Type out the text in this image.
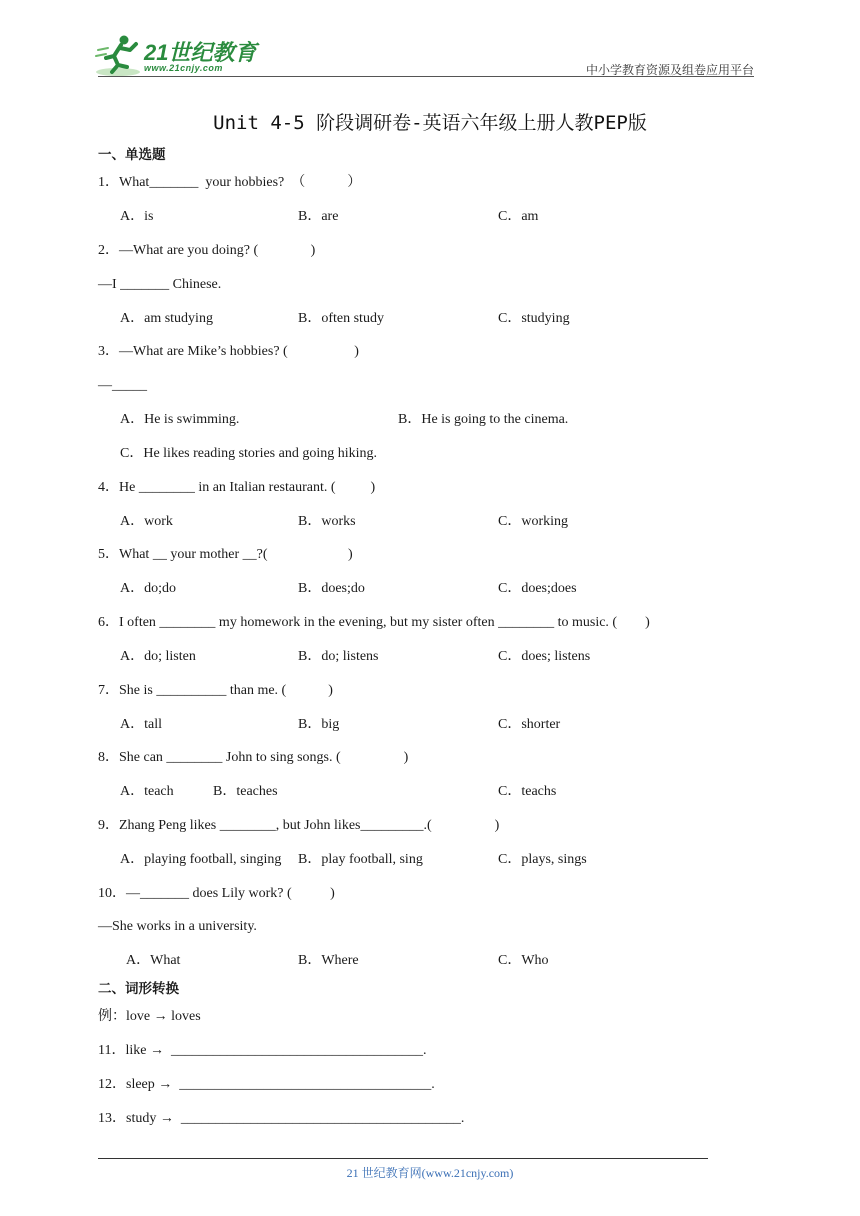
21世纪教育
www.21cnjy.com	中小学教育资源及组卷应用平台
Unit 4-5 阶段调研卷-英语六年级上册人教PEP版
一、单选题
1．What_______  your hobbies?  （            ）
A．is	B．are	C．am
2．—What are you doing? (               )
—I _______ Chinese.
A．am studying	B．often study	C．studying
3．—What are Mike’s hobbies? (                   )
—_____
A．He is swimming.	B．He is going to the cinema.
C．He likes reading stories and going hiking.
4．He ________ in an Italian restaurant. (          )
A．work	B．works	C．working
5．What __ your mother __?(                       )
A．do;do	B．does;do	C．does;does
6．I often ________ my homework in the evening, but my sister often ________ to music. (        )
A．do; listen	B．do; listens	C．does; listens
7．She is __________ than me. (            )
A．tall	B．big	C．shorter
8．She can ________ John to sing songs. (                  )
A．teach	B．teaches	C．teachs
9．Zhang Peng likes ________, but John likes_________.(                  )
A．playing football, singing B．play football, sing	C．plays, sings
10．—_______ does Lily work? (           )
—She works in a university.
A．What	B．Where	C．Who
二、词形转换
例：love → loves
11．like →  ____________________________________.
12．sleep →  ____________________________________.
13．study →  ________________________________________.
21 世纪教育网(www.21cnjy.com)
